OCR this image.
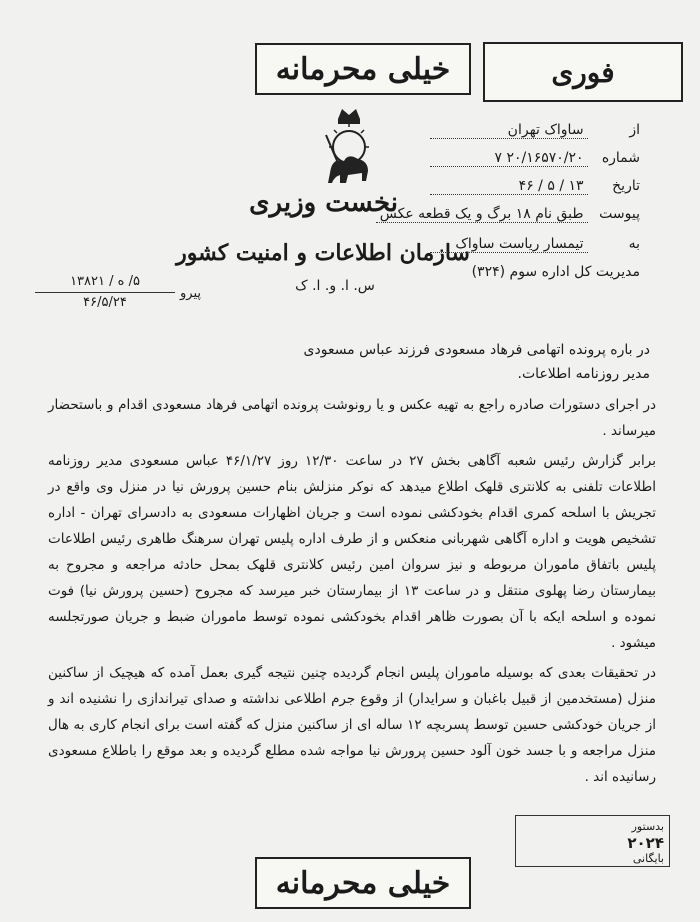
خیلی محرمانه	فوری
نخست وزیری
سازمان اطلاعات و امنیت کشور
س. ا. و. ا. ک
از ساواک تهران
شماره ۲۰/۱۶۵۷۰/۲۰ ۷
تاریخ ۱۳ / ۵ / ۴۶
پیوست طبق نام ۱۸ برگ و یک قطعه عکس
به تیمسار ریاست ساواک
مدیریت کل اداره سوم (۳۲۴)
۵/ ه / ۱۳۸۲۱
۴۶/۵/۲۴
پیرو
در باره پرونده اتهامی فرهاد مسعودی فرزند عباس مسعودی
مدیر روزنامه اطلاعات.

در اجرای دستورات صادره راجع به تهیه عکس و یا رونوشت پرونده اتهامی فرهاد مسعودی اقدام و باستحضار میرساند .

برابر گزارش رئیس شعبه آگاهی بخش ۲۷ در ساعت ۱۲/۳۰ روز ۴۶/۱/۲۷ عباس مسعودی مدیر روزنامه اطلاعات تلفنی به کلانتری قلهک اطلاع میدهد که نوکر منزلش بنام حسین پرورش نیا در منزل وی واقع در تجریش با اسلحه کمری اقدام بخودکشی نموده است و جریان اظهارات مسعودی به دادسرای تهران - اداره تشخیص هویت و اداره آگاهی شهربانی منعکس و از طرف اداره پلیس تهران سرهنگ طاهری رئیس اطلاعات پلیس باتفاق ماموران مربوطه و نیز سروان امین رئیس کلانتری قلهک بمحل حادثه مراجعه و مجروح به بیمارستان رضا پهلوی منتقل و در ساعت ۱۳ از بیمارستان خبر میرسد که مجروح (حسین پرورش نیا) فوت نموده و اسلحه ایکه با آن بصورت ظاهر اقدام بخودکشی نموده توسط ماموران ضبط و جریان صورتجلسه میشود .

در تحقیقات بعدی که بوسیله ماموران پلیس انجام گردیده چنین نتیجه گیری بعمل آمده که هیچیک از ساکنین منزل (مستخدمین از قبیل باغبان و سرایدار) از وقوع جرم اطلاعی نداشته و صدای تیراندازی را نشنیده اند و از جریان خودکشی حسین توسط پسربچه ۱۲ ساله ای از ساکنین منزل که گفته است برای انجام کاری به هال منزل مراجعه و با جسد خون آلود حسین پرورش نیا مواجه شده مطلع گردیده و بعد موقع را باطلاع مسعودی رسانیده اند .

بدستور
۲۰۲۴
بایگانی
خیلی محرمانه
